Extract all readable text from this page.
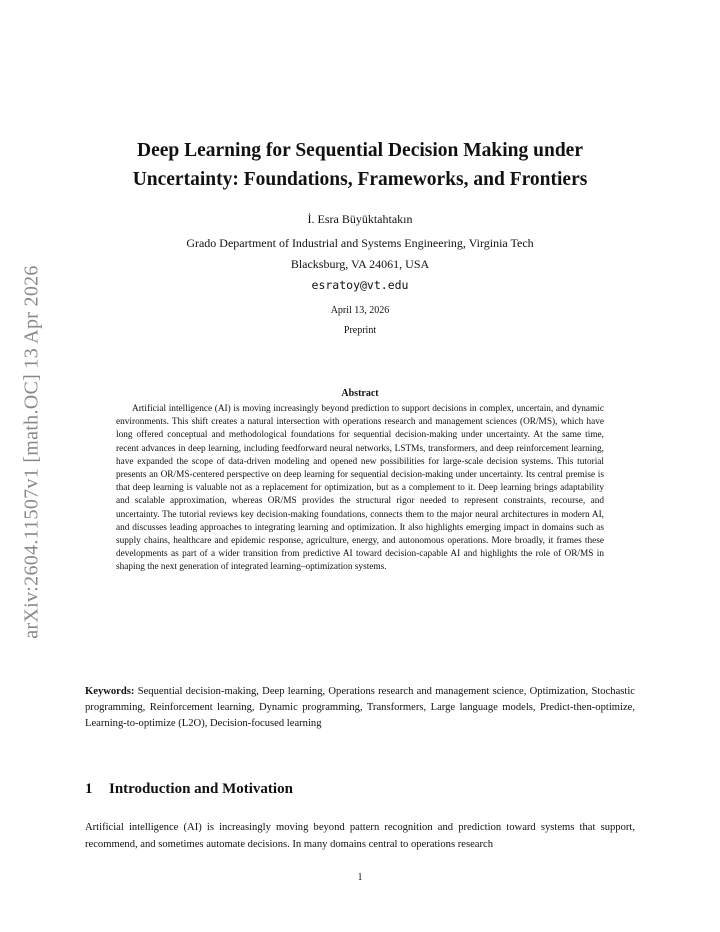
arXiv:2604.11507v1 [math.OC] 13 Apr 2026
Deep Learning for Sequential Decision Making under
Uncertainty: Foundations, Frameworks, and Frontiers
İ. Esra Büyüktahtakın
Grado Department of Industrial and Systems Engineering, Virginia Tech
Blacksburg, VA 24061, USA
esratoy@vt.edu
April 13, 2026
Preprint
Abstract

Artificial intelligence (AI) is moving increasingly beyond prediction to support decisions in complex, uncertain, and dynamic environments. This shift creates a natural intersection with operations research and management sciences (OR/MS), which have long offered conceptual and methodological foundations for sequential decision-making under uncertainty. At the same time, recent advances in deep learning, including feedforward neural networks, LSTMs, transformers, and deep reinforcement learning, have expanded the scope of data-driven modeling and opened new possibilities for large-scale decision systems. This tutorial presents an OR/MS-centered perspective on deep learning for sequential decision-making under uncertainty. Its central premise is that deep learning is valuable not as a replacement for optimization, but as a complement to it. Deep learning brings adaptability and scalable approximation, whereas OR/MS provides the structural rigor needed to represent constraints, recourse, and uncertainty. The tutorial reviews key decision-making foundations, connects them to the major neural architectures in modern AI, and discusses leading approaches to integrating learning and optimization. It also highlights emerging impact in domains such as supply chains, healthcare and epidemic response, agriculture, energy, and autonomous operations. More broadly, it frames these developments as part of a wider transition from predictive AI toward decision-capable AI and highlights the role of OR/MS in shaping the next generation of integrated learning–optimization systems.

Keywords: Sequential decision-making, Deep learning, Operations research and management science, Optimization, Stochastic programming, Reinforcement learning, Dynamic programming, Transformers, Large language models, Predict-then-optimize, Learning-to-optimize (L2O), Decision-focused learning

1 Introduction and Motivation

Artificial intelligence (AI) is increasingly moving beyond pattern recognition and prediction toward systems that support, recommend, and sometimes automate decisions. In many domains central to operations research

1
